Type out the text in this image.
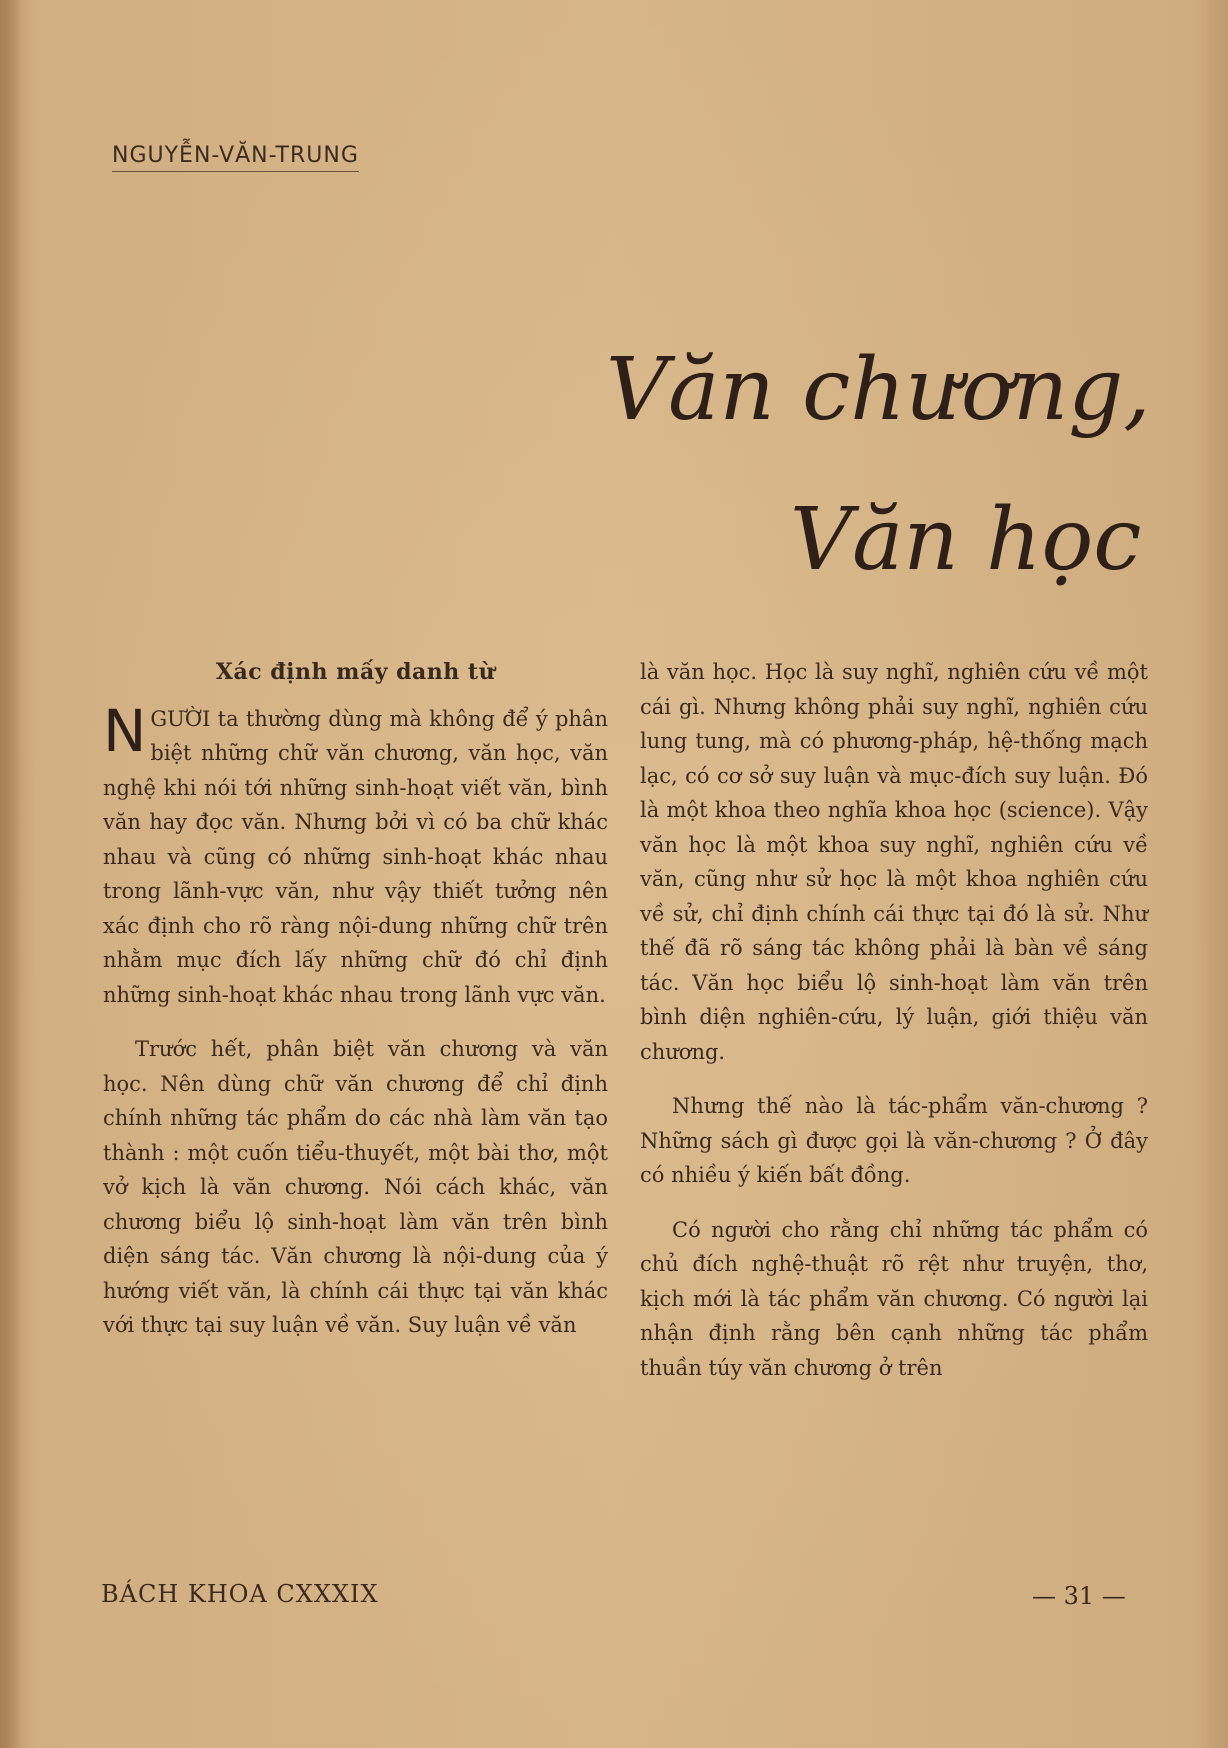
NGUYỄN-VĂN-TRUNG
Văn chương,
Văn học
Xác định mấy danh từ

NGƯỜI ta thường dùng mà không để ý phân biệt những chữ văn chương, văn học, văn nghệ khi nói tới những sinh-hoạt viết văn, bình văn hay đọc văn. Nhưng bởi vì có ba chữ khác nhau và cũng có những sinh-hoạt khác nhau trong lãnh-vực văn, như vậy thiết tưởng nên xác định cho rõ ràng nội-dung những chữ trên nhằm mục đích lấy những chữ đó chỉ định những sinh-hoạt khác nhau trong lãnh vực văn.

Trước hết, phân biệt văn chương và văn học. Nên dùng chữ văn chương để chỉ định chính những tác phẩm do các nhà làm văn tạo thành : một cuốn tiểu-thuyết, một bài thơ, một vở kịch là văn chương. Nói cách khác, văn chương biểu lộ sinh-hoạt làm văn trên bình diện sáng tác. Văn chương là nội-dung của ý hướng viết văn, là chính cái thực tại văn khác với thực tại suy luận về văn. Suy luận về văn

là văn học. Học là suy nghĩ, nghiên cứu về một cái gì. Nhưng không phải suy nghĩ, nghiên cứu lung tung, mà có phương-pháp, hệ-thống mạch lạc, có cơ sở suy luận và mục-đích suy luận. Đó là một khoa theo nghĩa khoa học (science). Vậy văn học là một khoa suy nghĩ, nghiên cứu về văn, cũng như sử học là một khoa nghiên cứu về sử, chỉ định chính cái thực tại đó là sử. Như thế đã rõ sáng tác không phải là bàn về sáng tác. Văn học biểu lộ sinh-hoạt làm văn trên bình diện nghiên-cứu, lý luận, giới thiệu văn chương.

Nhưng thế nào là tác-phẩm văn-chương ? Những sách gì được gọi là văn-chương ? Ở đây có nhiều ý kiến bất đồng.

Có người cho rằng chỉ những tác phẩm có chủ đích nghệ-thuật rõ rệt như truyện, thơ, kịch mới là tác phẩm văn chương. Có người lại nhận định rằng bên cạnh những tác phẩm thuần túy văn chương ở trên

BÁCH KHOA CXXXIX	— 31 —
